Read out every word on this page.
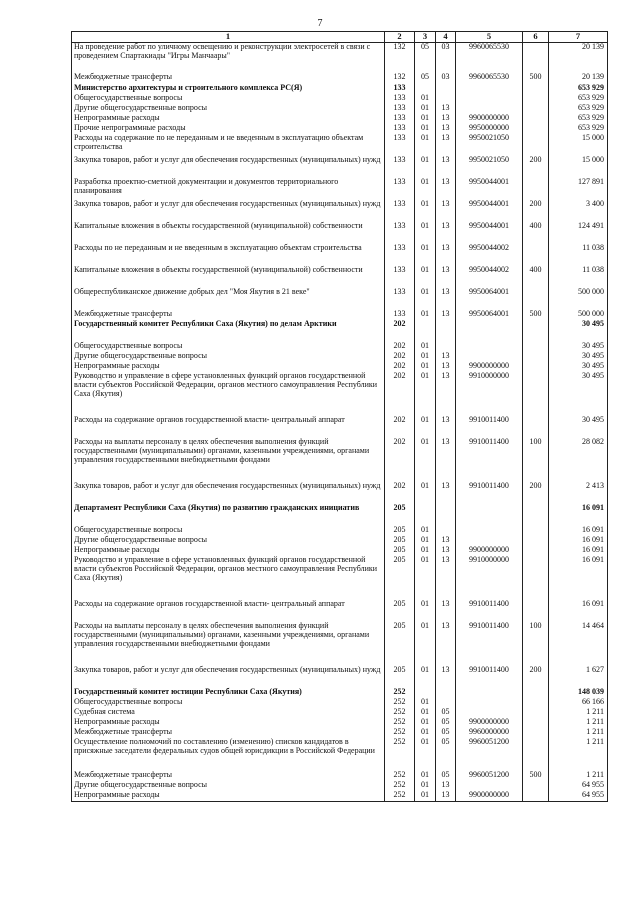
7
1	2	3	4	5	6	7
На проведение работ по уличному освещению и реконструкции электросетей в связи с проведением Спартакиады "Игры Манчаары"	132	05	03	9960065530		20 139
Межбюджетные трансферты	132	05	03	9960065530	500	20 139
Министерство архитектуры и строительного комплекса РС(Я)	133					653 929
Общегосударственные вопросы	133	01				653 929
Другие общегосударственные вопросы	133	01	13			653 929
Непрограммные расходы	133	01	13	9900000000		653 929
Прочие непрограммные расходы	133	01	13	9950000000		653 929
Расходы на содержание по не переданным и не введенным в эксплуатацию объектам строительства	133	01	13	9950021050		15 000
Закупка товаров, работ и услуг для обеспечения государственных (муниципальных) нужд	133	01	13	9950021050	200	15 000
Разработка проектно-сметной документации и документов территориального планирования	133	01	13	9950044001		127 891
Закупка товаров, работ и услуг для обеспечения государственных (муниципальных) нужд	133	01	13	9950044001	200	3 400
Капитальные вложения в объекты государственной (муниципальной) собственности	133	01	13	9950044001	400	124 491
Расходы по не переданным и не введенным в эксплуатацию объектам строительства	133	01	13	9950044002		11 038
Капитальные вложения в объекты государственной (муниципальной) собственности	133	01	13	9950044002	400	11 038
Общереспубликанское движение добрых дел "Моя Якутия в 21 веке"	133	01	13	9950064001		500 000
Межбюджетные трансферты	133	01	13	9950064001	500	500 000
Государственный комитет Республики Саха (Якутия) по делам Арктики	202					30 495
Общегосударственные вопросы	202	01				30 495
Другие общегосударственные вопросы	202	01	13			30 495
Непрограммные расходы	202	01	13	9900000000		30 495
Руководство и управление в сфере установленных функций органов государственной власти субъектов Российской Федерации, органов местного самоуправления Республики Саха (Якутия)	202	01	13	9910000000		30 495
Расходы на содержание органов государственной власти- центральный аппарат	202	01	13	9910011400		30 495
Расходы на выплаты персоналу в целях обеспечения выполнения функций государственными (муниципальными) органами, казенными учреждениями, органами управления государственными внебюджетными фондами	202	01	13	9910011400	100	28 082
Закупка товаров, работ и услуг для обеспечения государственных (муниципальных) нужд	202	01	13	9910011400	200	2 413
Департамент Республики Саха (Якутия) по развитию гражданских инициатив	205					16 091
Общегосударственные вопросы	205	01				16 091
Другие общегосударственные вопросы	205	01	13			16 091
Непрограммные расходы	205	01	13	9900000000		16 091
Руководство и управление в сфере установленных функций органов государственной власти субъектов Российской Федерации, органов местного самоуправления Республики Саха (Якутия)	205	01	13	9910000000		16 091
Расходы на содержание органов государственной власти- центральный аппарат	205	01	13	9910011400		16 091
Расходы на выплаты персоналу в целях обеспечения выполнения функций государственными (муниципальными) органами, казенными учреждениями, органами управления государственными внебюджетными фондами	205	01	13	9910011400	100	14 464
Закупка товаров, работ и услуг для обеспечения государственных (муниципальных) нужд	205	01	13	9910011400	200	1 627
Государственный комитет юстиции Республики Саха (Якутия)	252					148 039
Общегосударственные вопросы	252	01				66 166
Судебная система	252	01	05			1 211
Непрограммные расходы	252	01	05	9900000000		1 211
Межбюджетные трансферты	252	01	05	9960000000		1 211
Осуществление полномочий по составлению (изменению) списков кандидатов в присяжные заседатели федеральных судов общей юрисдикции в Российской Федерации	252	01	05	9960051200		1 211
Межбюджетные трансферты	252	01	05	9960051200	500	1 211
Другие общегосударственные вопросы	252	01	13			64 955
Непрограммные расходы	252	01	13	9900000000		64 955
